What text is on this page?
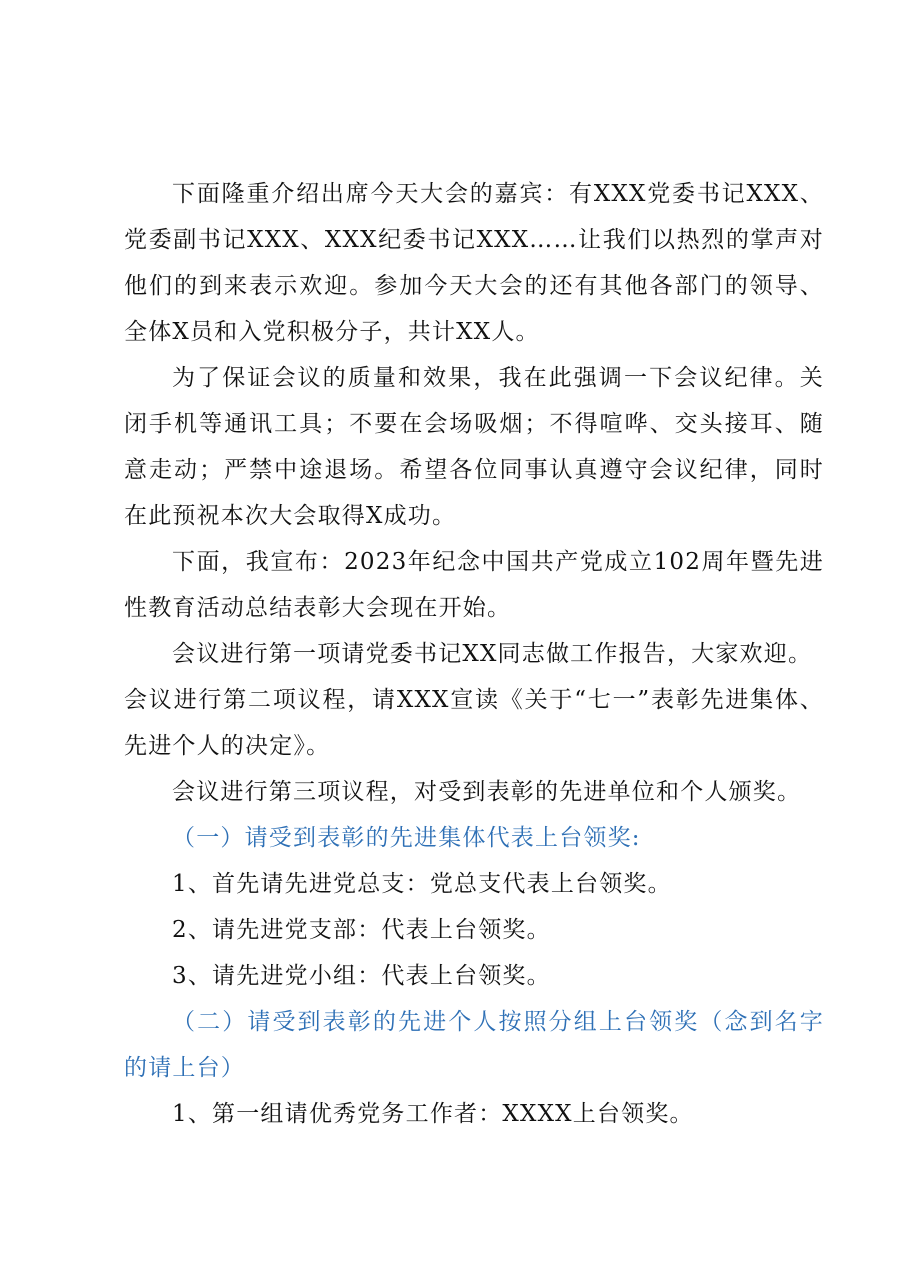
下面隆重介绍出席今天大会的嘉宾：有XXX党委书记XXX、党委副书记XXX、XXX纪委书记XXX……让我们以热烈的掌声对他们的到来表示欢迎。参加今天大会的还有其他各部门的领导、全体X员和入党积极分子，共计XX人。

为了保证会议的质量和效果，我在此强调一下会议纪律。关闭手机等通讯工具；不要在会场吸烟；不得喧哗、交头接耳、随意走动；严禁中途退场。希望各位同事认真遵守会议纪律，同时在此预祝本次大会取得X成功。

下面，我宣布：2023年纪念中国共产党成立102周年暨先进性教育活动总结表彰大会现在开始。

会议进行第一项请党委书记XX同志做工作报告，大家欢迎。

会议进行第二项议程，请XXX宣读《关于“七一”表彰先进集体、先进个人的决定》。

会议进行第三项议程，对受到表彰的先进单位和个人颁奖。

（一）请受到表彰的先进集体代表上台领奖:

1、首先请先进党总支：党总支代表上台领奖。

2、请先进党支部：代表上台领奖。

3、请先进党小组：代表上台领奖。

（二）请受到表彰的先进个人按照分组上台领奖（念到名字的请上台）

1、第一组请优秀党务工作者：XXXX上台领奖。
